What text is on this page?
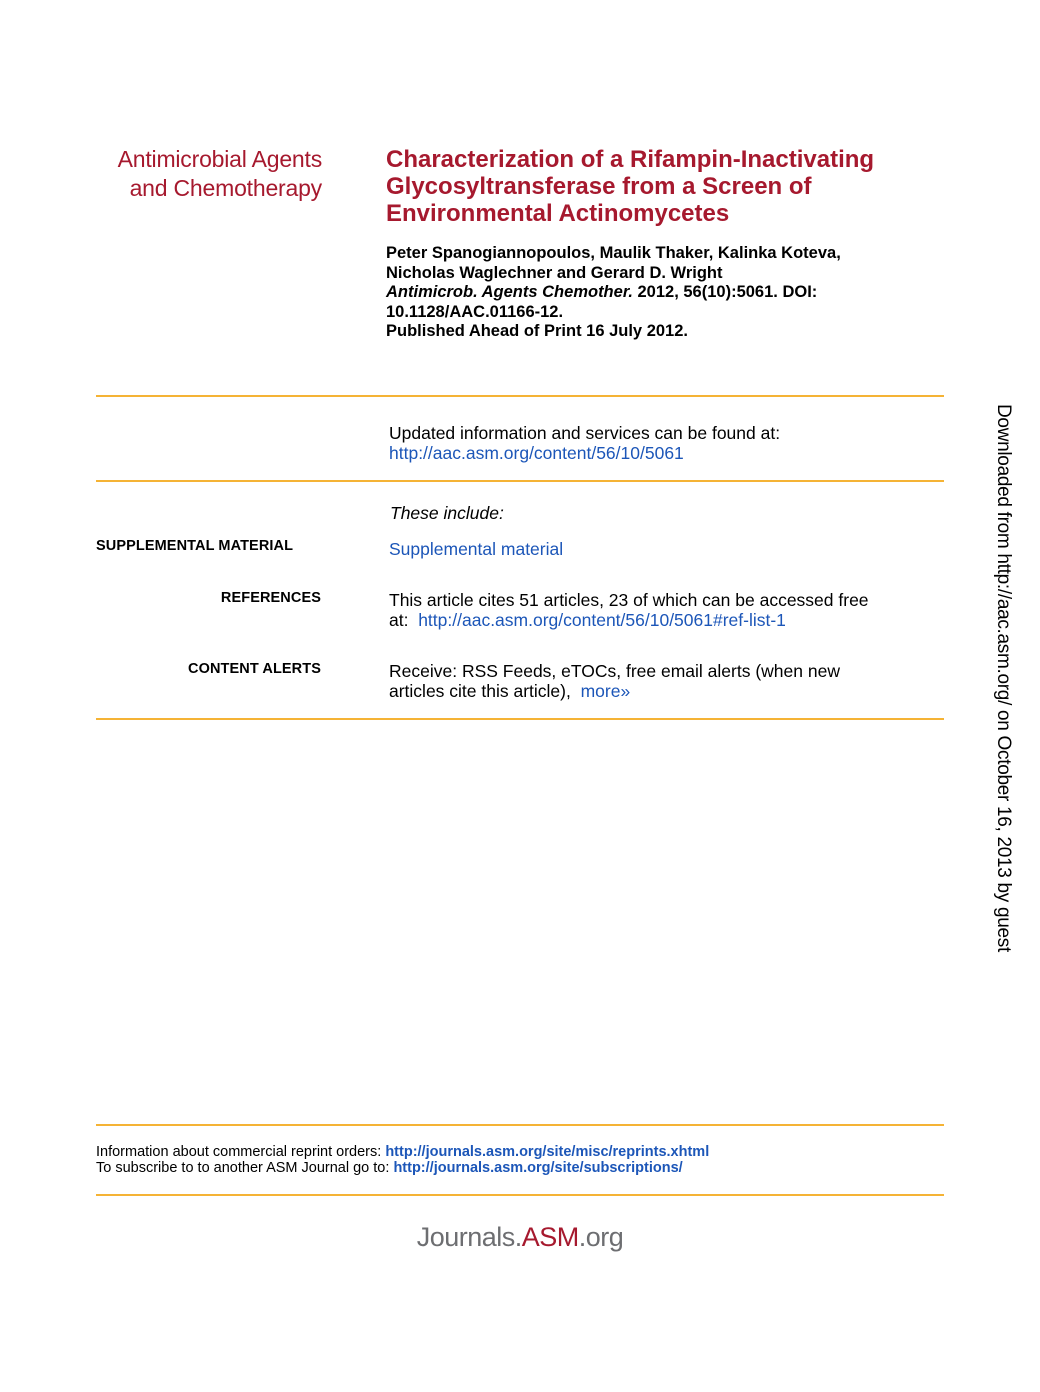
Antimicrobial Agents
and Chemotherapy
Characterization of a Rifampin-Inactivating
Glycosyltransferase from a Screen of
Environmental Actinomycetes
Peter Spanogiannopoulos, Maulik Thaker, Kalinka Koteva,
Nicholas Waglechner and Gerard D. Wright
Antimicrob. Agents Chemother. 2012, 56(10):5061. DOI:
10.1128/AAC.01166-12.
Published Ahead of Print 16 July 2012.
Updated information and services can be found at:
http://aac.asm.org/content/56/10/5061
These include:
SUPPLEMENTAL MATERIAL	Supplemental material
REFERENCES	This article cites 51 articles, 23 of which can be accessed free
at: http://aac.asm.org/content/56/10/5061#ref-list-1
CONTENT ALERTS	Receive: RSS Feeds, eTOCs, free email alerts (when new
articles cite this article), more»
Information about commercial reprint orders: http://journals.asm.org/site/misc/reprints.xhtml
To subscribe to to another ASM Journal go to: http://journals.asm.org/site/subscriptions/
Journals.ASM.org
Downloaded from http://aac.asm.org/ on October 16, 2013 by guest
